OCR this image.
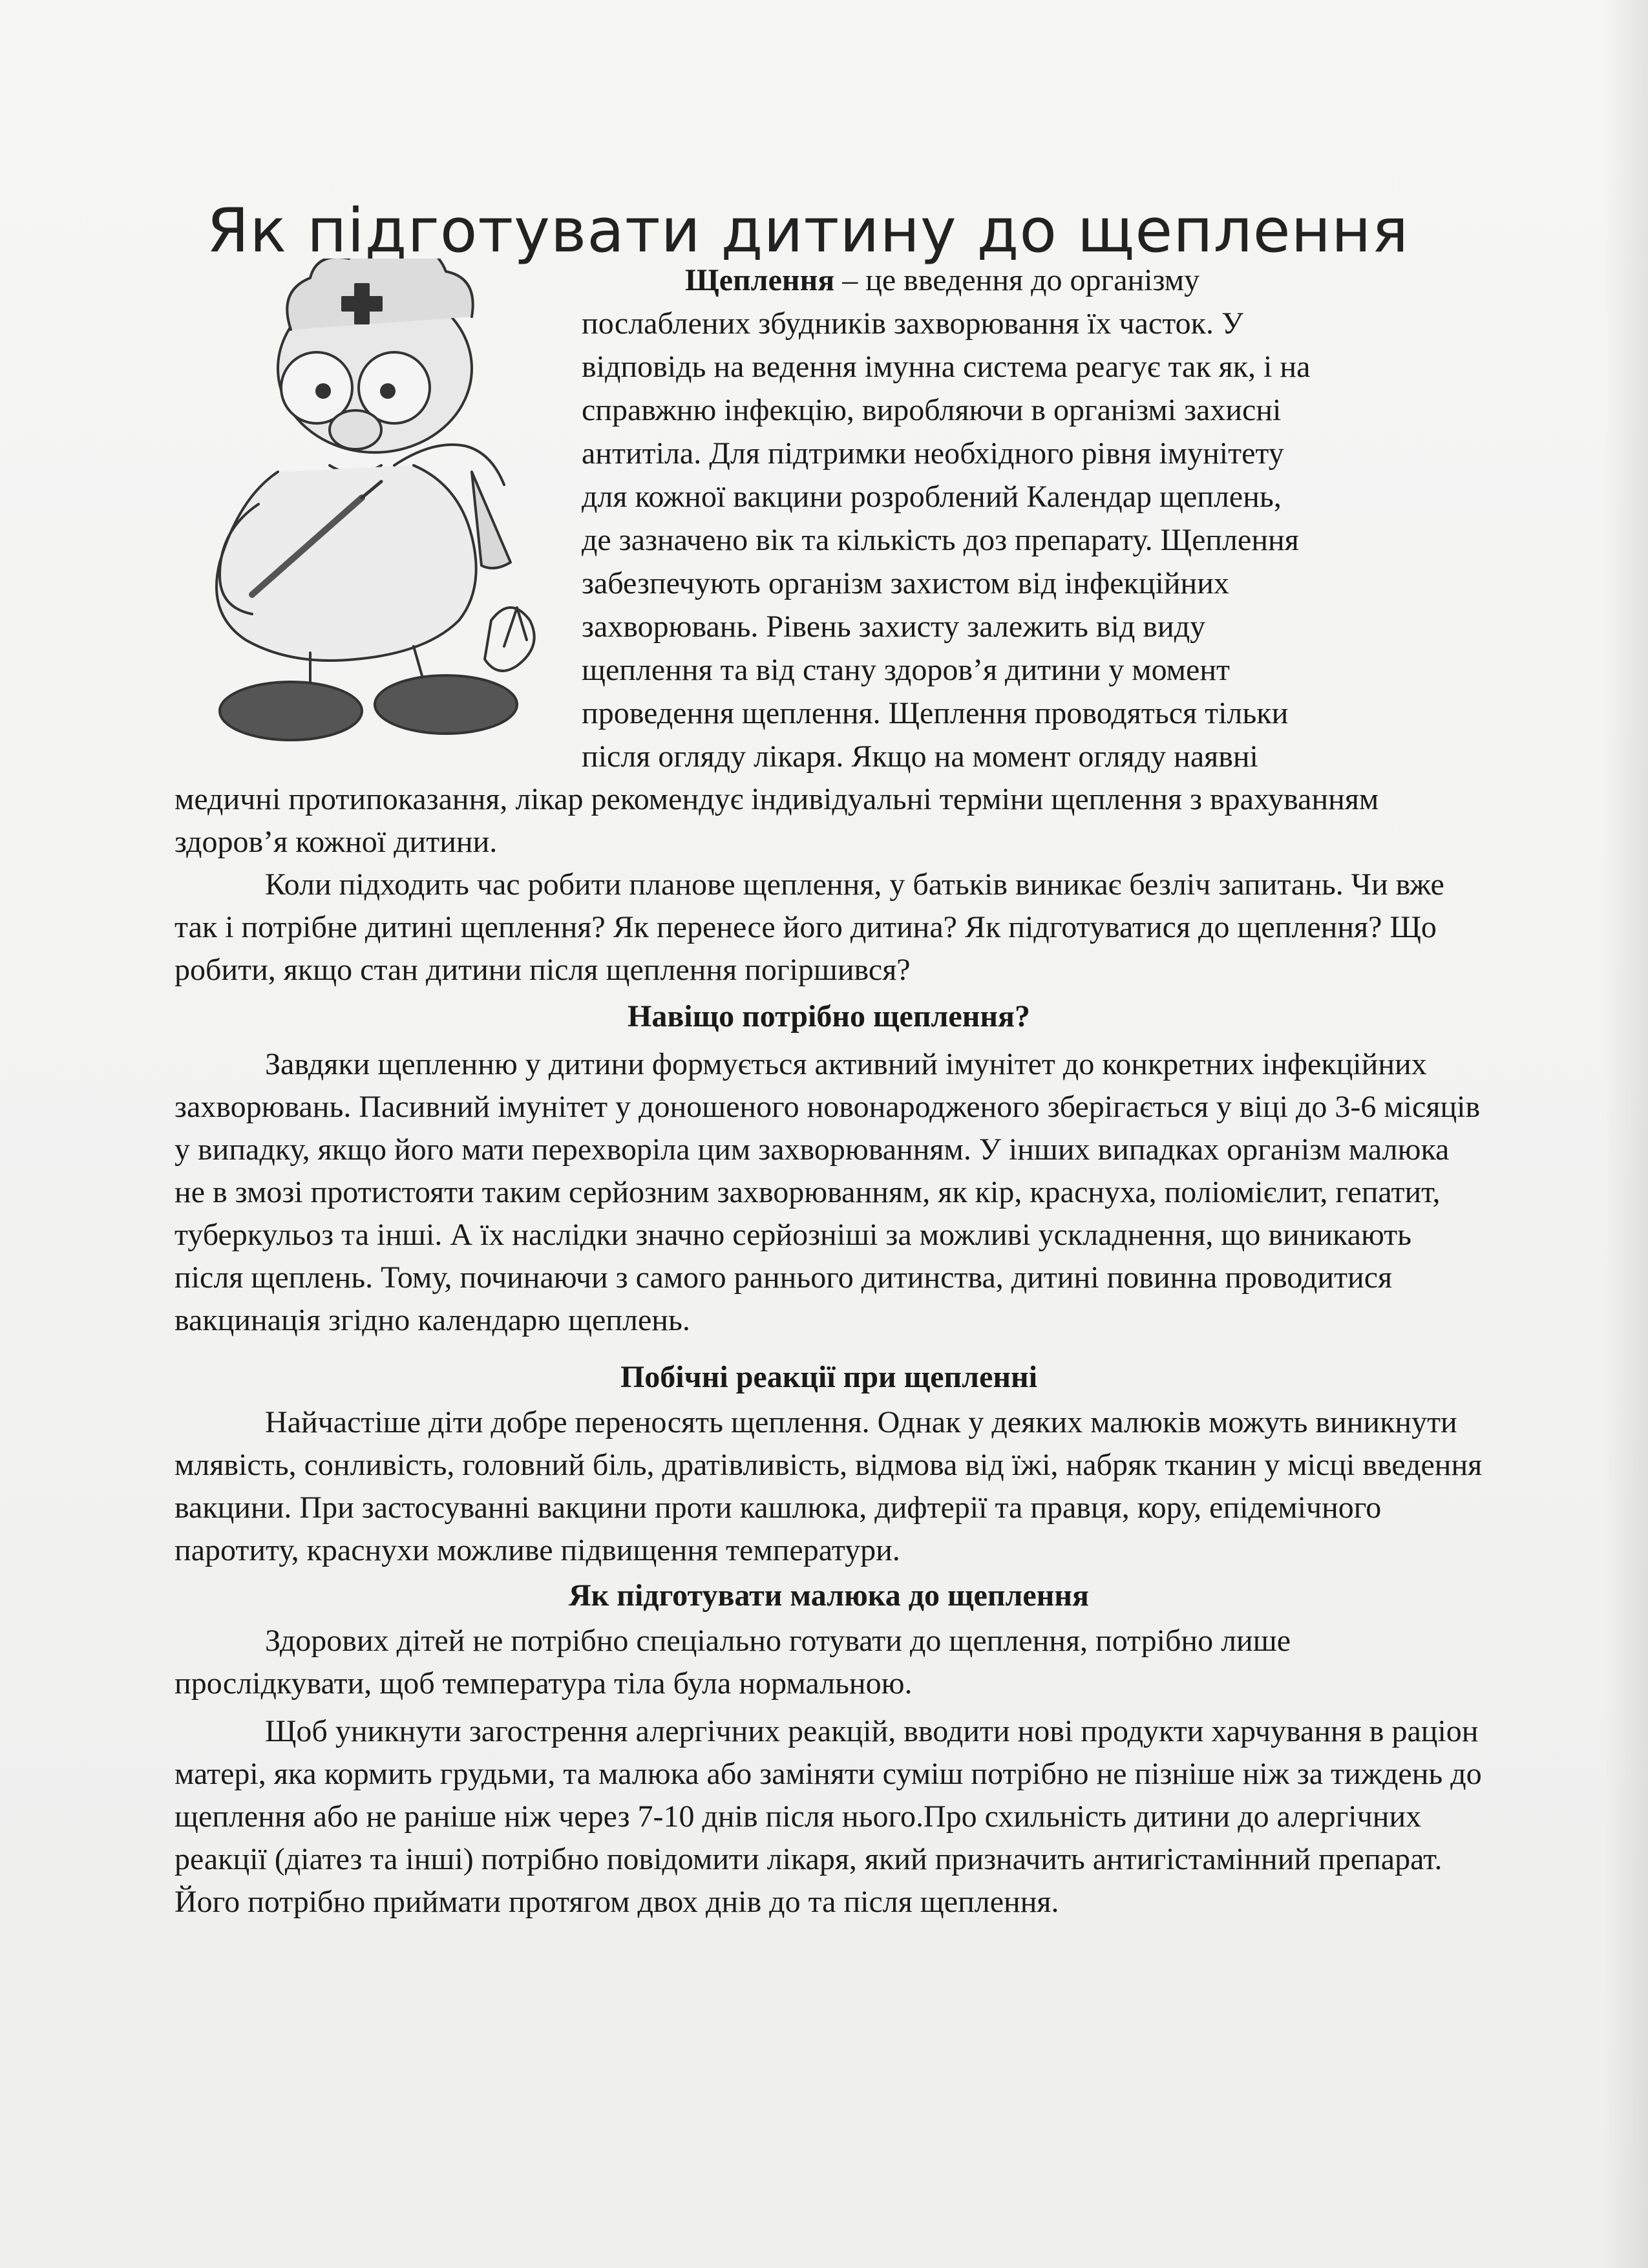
Як підготувати дитину до щеплення
Щеплення – це введення до організму
послаблених збудників захворювання їх часток. У
відповідь на ведення імунна система реагує так як, і на
справжню інфекцію, виробляючи в організмі захисні
антитіла. Для підтримки необхідного рівня імунітету
для кожної вакцини розроблений Календар щеплень,
де зазначено вік та кількість доз препарату. Щеплення
забезпечують організм захистом від інфекційних
захворювань. Рівень захисту залежить від виду
щеплення та від стану здоров’я дитини у момент
проведення щеплення. Щеплення проводяться тільки
після огляду лікаря. Якщо на момент огляду наявні

медичні протипоказання, лікар рекомендує індивідуальні терміни щеплення з врахуванням здоров’я кожної дитини.

Коли підходить час робити планове щеплення, у батьків виникає безліч запитань. Чи вже так і потрібне дитині щеплення? Як перенесе його дитина? Як підготуватися до щеплення? Що робити, якщо стан дитини після щеплення погіршився?

Навіщо потрібно щеплення?

Завдяки щепленню у дитини формується активний імунітет до конкретних інфекційних захворювань. Пасивний імунітет у доношеного новонародженого зберігається у віці до 3-6 місяців у випадку, якщо його мати перехворіла цим захворюванням. У інших випадках організм малюка не в змозі протистояти таким серйозним захворюванням, як кір, краснуха, поліомієлит, гепатит, туберкульоз та інші. А їх наслідки значно серйозніші за можливі ускладнення, що виникають після щеплень. Тому, починаючи з самого раннього дитинства, дитині повинна проводитися вакцинація згідно календарю щеплень.

Побічні реакції при щепленні

Найчастіше діти добре переносять щеплення. Однак у деяких малюків можуть виникнути млявість, сонливість, головний біль, дратівливість, відмова від їжі, набряк тканин у місці введення вакцини. При застосуванні вакцини проти кашлюка, дифтерії та правця, кору, епідемічного паротиту, краснухи можливе підвищення температури.

Як підготувати малюка до щеплення

Здорових дітей не потрібно спеціально готувати до щеплення, потрібно лише прослідкувати, щоб температура тіла була нормальною.

Щоб уникнути загострення алергічних реакцій, вводити нові продукти харчування в раціон матері, яка кормить грудьми, та малюка або заміняти суміш потрібно не пізніше ніж за тиждень до щеплення або не раніше ніж через 7-10 днів після нього.Про схильність дитини до алергічних реакції (діатез та інші) потрібно повідомити лікаря, який призначить антигістамінний препарат. Його потрібно приймати протягом двох днів до та після щеплення.
